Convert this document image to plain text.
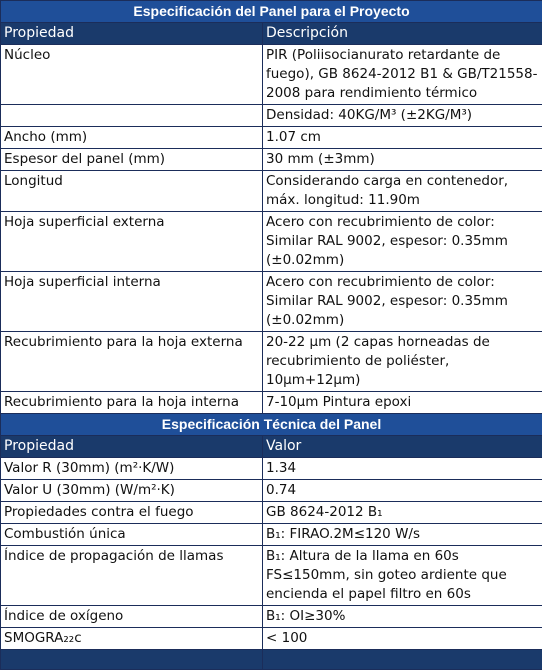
Especificación del Panel para el Proyecto	
Propiedad	Descripción
Núcleo	PIR (Poliisocianurato retardante de fuego), GB 8624-2012 B1 & GB/T21558-2008 para rendimiento térmico
	Densidad: 40KG/M³ (±2KG/M³)
Ancho (mm)	1.07 cm
Espesor del panel (mm)	30 mm (±3mm)
Longitud	Considerando carga en contenedor, máx. longitud: 11.90m
Hoja superficial externa	Acero con recubrimiento de color: Similar RAL 9002, espesor: 0.35mm (±0.02mm)
Hoja superficial interna	Acero con recubrimiento de color: Similar RAL 9002, espesor: 0.35mm (±0.02mm)
Recubrimiento para la hoja externa	20-22 µm (2 capas horneadas de recubrimiento de poliéster, 10µm+12µm)
Recubrimiento para la hoja interna	7-10µm Pintura epoxi
Especificación Técnica del Panel	
Propiedad	Valor
Valor R (30mm) (m²·K/W)	1.34
Valor U (30mm) (W/m²·K)	0.74
Propiedades contra el fuego	GB 8624-2012 B₁
Combustión única	B₁: FIRAO.2M≤120 W/s
Índice de propagación de llamas	B₁: Altura de la llama en 60s FS≤150mm, sin goteo ardiente que encienda el papel filtro en 60s
Índice de oxígeno	B₁: OI≥30%
SMOGRA₂₂c	< 100
